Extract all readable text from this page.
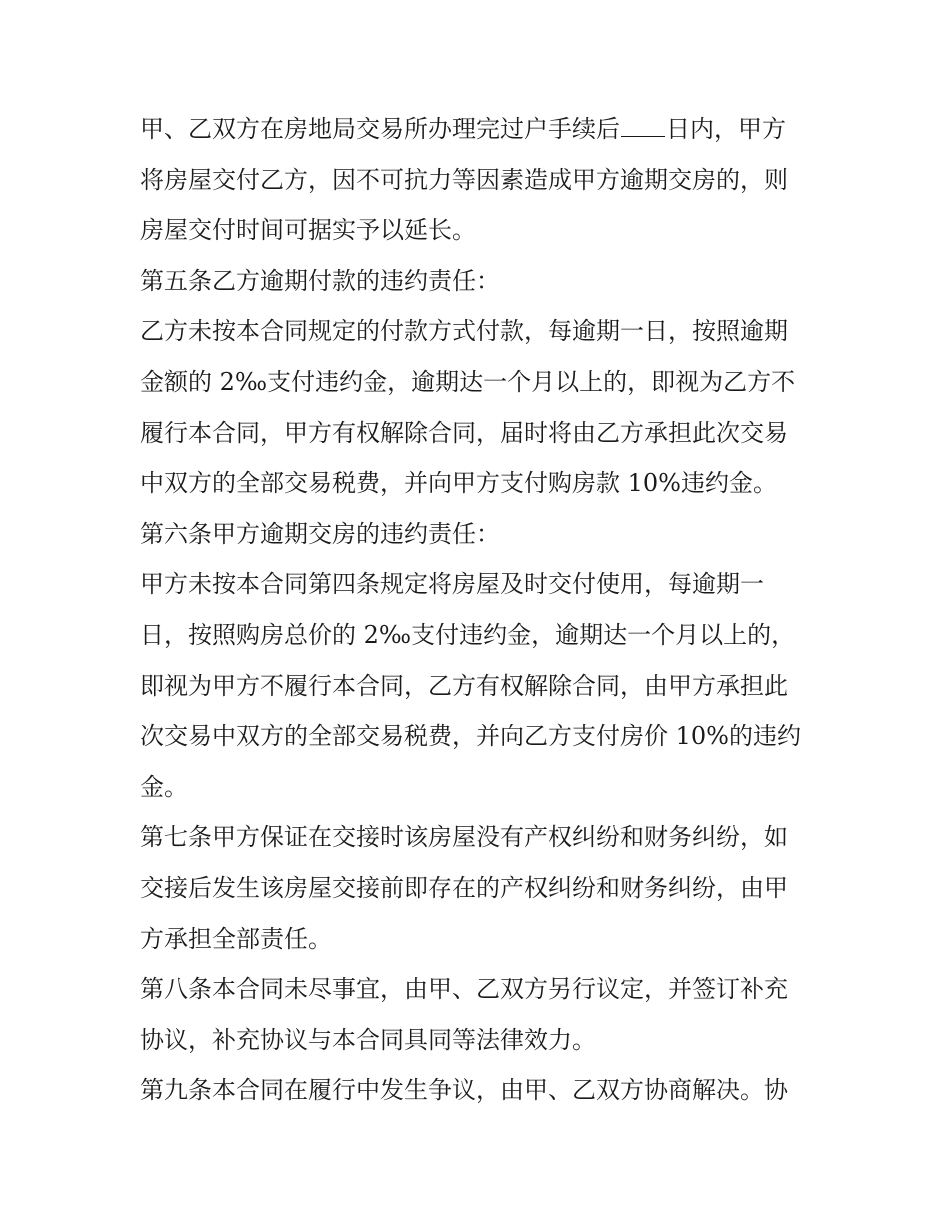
甲、乙双方在房地局交易所办理完过户手续后 日内，甲方
将房屋交付乙方，因不可抗力等因素造成甲方逾期交房的，则
房屋交付时间可据实予以延长。
第五条乙方逾期付款的违约责任：
乙方未按本合同规定的付款方式付款，每逾期一日，按照逾期
金额的 2‰支付违约金，逾期达一个月以上的，即视为乙方不
履行本合同，甲方有权解除合同，届时将由乙方承担此次交易
中双方的全部交易税费，并向甲方支付购房款 10%违约金。
第六条甲方逾期交房的违约责任：
甲方未按本合同第四条规定将房屋及时交付使用，每逾期一
日，按照购房总价的 2‰支付违约金，逾期达一个月以上的，
即视为甲方不履行本合同，乙方有权解除合同，由甲方承担此
次交易中双方的全部交易税费，并向乙方支付房价 10%的违约
金。
第七条甲方保证在交接时该房屋没有产权纠纷和财务纠纷，如
交接后发生该房屋交接前即存在的产权纠纷和财务纠纷，由甲
方承担全部责任。
第八条本合同未尽事宜，由甲、乙双方另行议定，并签订补充
协议，补充协议与本合同具同等法律效力。
第九条本合同在履行中发生争议，由甲、乙双方协商解决。协
